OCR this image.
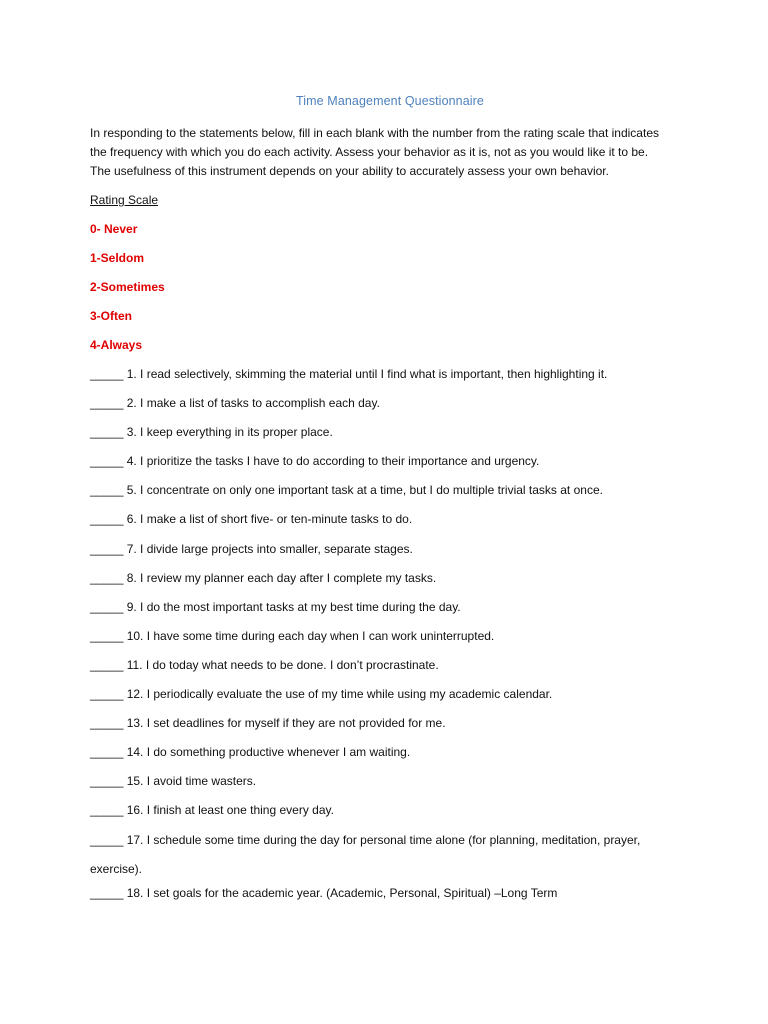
Time Management Questionnaire

In responding to the statements below, fill in each blank with the number from the rating scale that indicates the frequency with which you do each activity. Assess your behavior as it is, not as you would like it to be. The usefulness of this instrument depends on your ability to accurately assess your own behavior.

Rating Scale
0- Never
1-Seldom
2-Sometimes
3-Often
4-Always
_____ 1. I read selectively, skimming the material until I find what is important, then highlighting it.
_____ 2. I make a list of tasks to accomplish each day.
_____ 3. I keep everything in its proper place.
_____ 4. I prioritize the tasks I have to do according to their importance and urgency.
_____ 5. I concentrate on only one important task at a time, but I do multiple trivial tasks at once.
_____ 6. I make a list of short five- or ten-minute tasks to do.
_____ 7. I divide large projects into smaller, separate stages.
_____ 8. I review my planner each day after I complete my tasks.
_____ 9. I do the most important tasks at my best time during the day.
_____ 10. I have some time during each day when I can work uninterrupted.
_____ 11. I do today what needs to be done. I don’t procrastinate.
_____ 12. I periodically evaluate the use of my time while using my academic calendar.
_____ 13. I set deadlines for myself if they are not provided for me.
_____ 14. I do something productive whenever I am waiting.
_____ 15. I avoid time wasters.
_____ 16. I finish at least one thing every day.
_____ 17. I schedule some time during the day for personal time alone (for planning, meditation, prayer, exercise).
_____ 18. I set goals for the academic year. (Academic, Personal, Spiritual) –Long Term
